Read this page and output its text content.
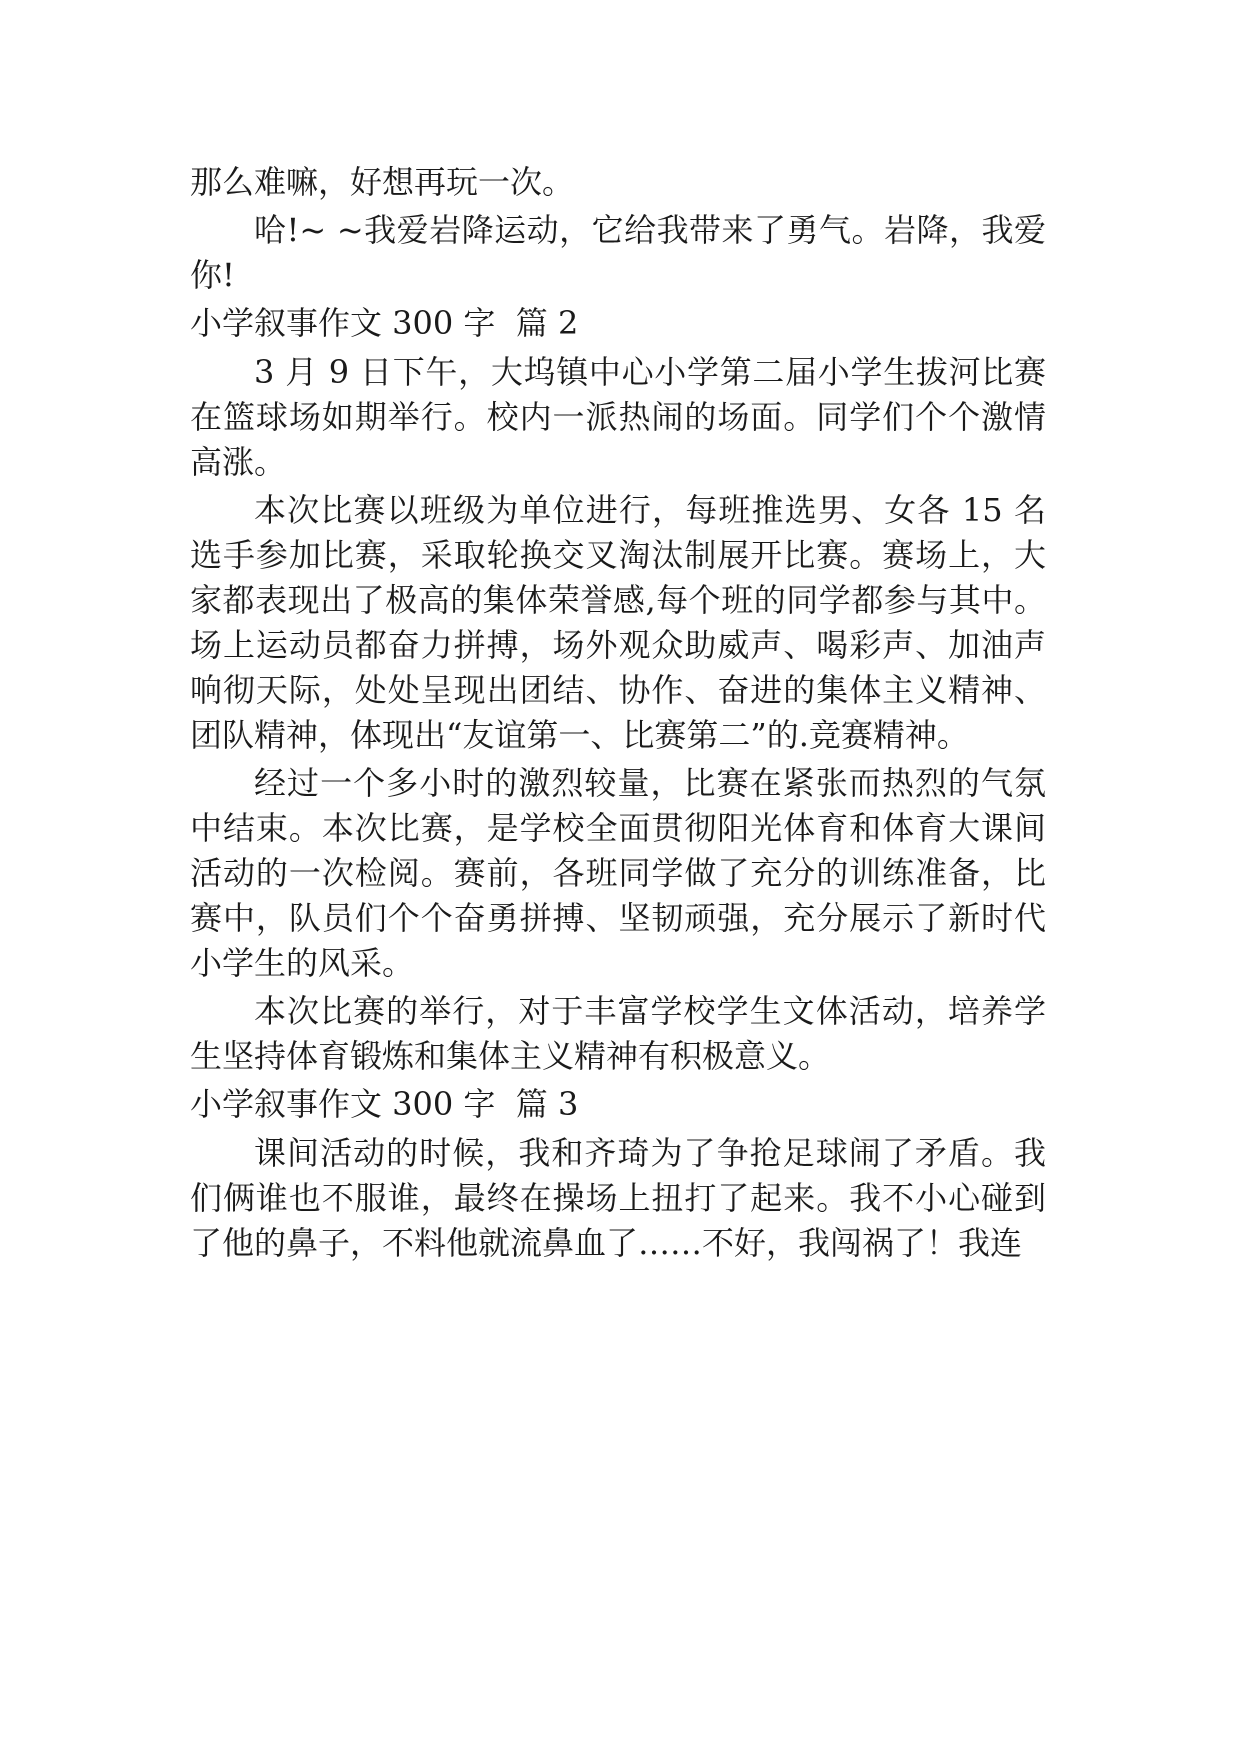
那么难嘛，好想再玩一次。

哈!~ ~我爱岩降运动，它给我带来了勇气。岩降，我爱你!

小学叙事作文 300 字  篇 2

3 月 9 日下午，大坞镇中心小学第二届小学生拔河比赛在篮球场如期举行。校内一派热闹的场面。同学们个个激情高涨。

本次比赛以班级为单位进行，每班推选男、女各 15 名选手参加比赛，采取轮换交叉淘汰制展开比赛。赛场上，大家都表现出了极高的集体荣誉感,每个班的同学都参与其中。场上运动员都奋力拼搏，场外观众助威声、喝彩声、加油声响彻天际，处处呈现出团结、协作、奋进的集体主义精神、团队精神，体现出“友谊第一、比赛第二”的.竞赛精神。

经过一个多小时的激烈较量，比赛在紧张而热烈的气氛中结束。本次比赛，是学校全面贯彻阳光体育和体育大课间活动的一次检阅。赛前，各班同学做了充分的训练准备，比赛中，队员们个个奋勇拼搏、坚韧顽强，充分展示了新时代小学生的风采。

本次比赛的举行，对于丰富学校学生文体活动，培养学生坚持体育锻炼和集体主义精神有积极意义。

小学叙事作文 300 字  篇 3

课间活动的时候，我和齐琦为了争抢足球闹了矛盾。我们俩谁也不服谁，最终在操场上扭打了起来。我不小心碰到了他的鼻子，不料他就流鼻血了……不好，我闯祸了！我连
